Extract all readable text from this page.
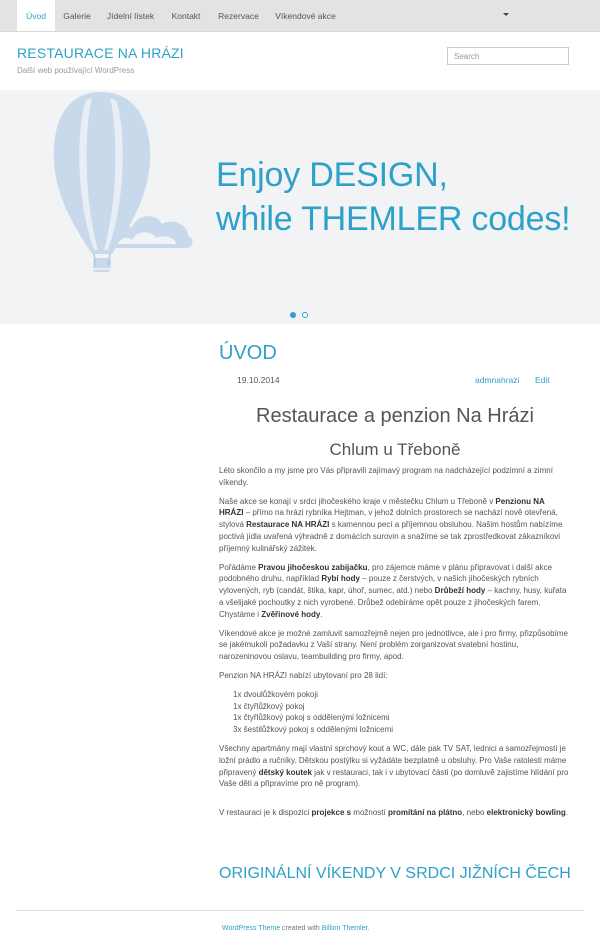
Úvod	Galerie	Jídelní lístek	Kontakt	Rezervace	Víkendové akce
RESTAURACE NA HRÁZI
Další web používající WordPress
Search
Enjoy DESIGN,
while THEMLER codes!
ÚVOD
19.10.2014	admnahrazi Edit
Restaurace a penzion Na Hrázi
Chlum u Třeboně

Léto skončilo a my jsme pro Vás připravili zajímavý program na nadcházející podzimní a zimní víkendy.

Naše akce se konají v srdci jihočeského kraje v městečku Chlum u Třeboně v Penzionu NA HRÁZI – přímo na hrázi rybníka Hejtman, v jehož dolních prostorech se nachází nově otevřená, stylová Restaurace NA HRÁZI s kamennou pecí a příjemnou obsluhou. Našim hostům nabízíme poctivá jídla uvařená výhradně z domácích surovin a snažíme se tak zprostředkovat zákazníkovi příjemný kulinářský zážitek.

Pořádáme Pravou jihočeskou zabijačku, pro zájemce máme v plánu připravovat i další akce podobného druhu, například Rybí hody – pouze z čerstvých, v našich jihočeských rybních vylovených, ryb (candát, štika, kapr, úhoř, sumec, atd.) nebo Drůbeží hody – kachny, husy, kuřata a všelijaké pochoutky z nich vyrobené. Drůbež odebíráme opět pouze z jihočeských farem. Chystáme i Zvěřinové hody.

Víkendové akce je možné zamluvit samozřejmě nejen pro jednotlivce, ale i pro firmy, přizpůsobíme se jakémukoli požadavku z Vaší strany. Není problém zorganizovat svatební hostinu, narozeninovou oslavu, teambuilding pro firmy, apod.

Penzion NA HRÁZI nabízí ubytovaní pro 28 lidí:

1x dvoulůžkovém pokoji
1x čtyřlůžkový pokoj
1x čtyřlůžkový pokoj s oddělenými ložnicemi
3x šestilůžkový pokoj s oddělenými ložnicemi

Všechny apartmány mají vlastní sprchový kout a WC, dále pak TV SAT, lednici a samozřejmostí je ložní prádlo a ručníky. Dětskou postýlku si vyžádáte bezplatně u obsluhy. Pro Vaše ratolesti máme připravený dětský koutek jak v restauraci, tak i v ubytovací části (po domluvě zajistíme hlídání pro Vaše děti a připravíme pro ně program).

V restauraci je k dispozici projekce s možností promítání na plátno, nebo elektronický bowling.

ORIGINÁLNÍ VÍKENDY V SRDCI JIŽNÍCH ČECH
WordPress Theme created with Billion Themler.
